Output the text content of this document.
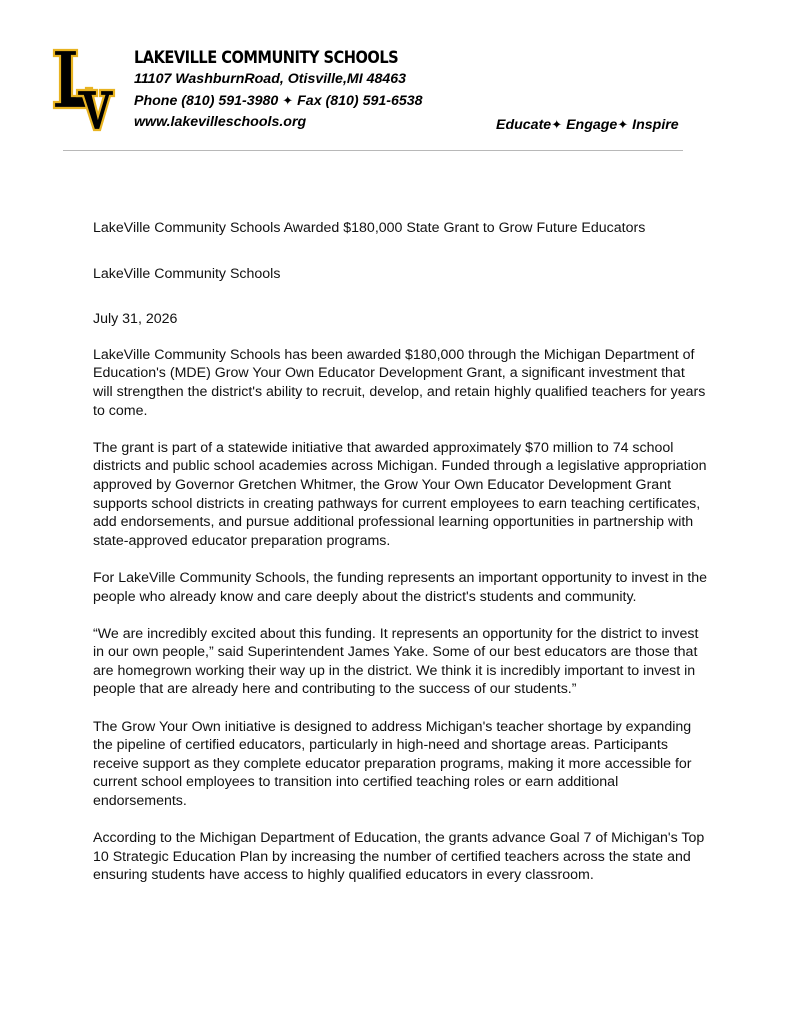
LAKEVILLE COMMUNITY SCHOOLS
11107 WashburnRoad, Otisville,MI 48463
Phone (810) 591-3980 ✦ Fax (810) 591-6538
www.lakevilleschools.org	Educate✦ Engage✦ Inspire

LakeVille Community Schools Awarded $180,000 State Grant to Grow Future Educators

LakeVille Community Schools

July 31, 2026

LakeVille Community Schools has been awarded $180,000 through the Michigan Department of Education's (MDE) Grow Your Own Educator Development Grant, a significant investment that will strengthen the district's ability to recruit, develop, and retain highly qualified teachers for years to come.

The grant is part of a statewide initiative that awarded approximately $70 million to 74 school districts and public school academies across Michigan. Funded through a legislative appropriation approved by Governor Gretchen Whitmer, the Grow Your Own Educator Development Grant supports school districts in creating pathways for current employees to earn teaching certificates, add endorsements, and pursue additional professional learning opportunities in partnership with state-approved educator preparation programs.

For LakeVille Community Schools, the funding represents an important opportunity to invest in the people who already know and care deeply about the district's students and community.

“We are incredibly excited about this funding. It represents an opportunity for the district to invest in our own people,” said Superintendent James Yake. Some of our best educators are those that are homegrown working their way up in the district. We think it is incredibly important to invest in people that are already here and contributing to the success of our students.”

The Grow Your Own initiative is designed to address Michigan's teacher shortage by expanding the pipeline of certified educators, particularly in high-need and shortage areas. Participants receive support as they complete educator preparation programs, making it more accessible for current school employees to transition into certified teaching roles or earn additional endorsements.

According to the Michigan Department of Education, the grants advance Goal 7 of Michigan's Top 10 Strategic Education Plan by increasing the number of certified teachers across the state and ensuring students have access to highly qualified educators in every classroom.
